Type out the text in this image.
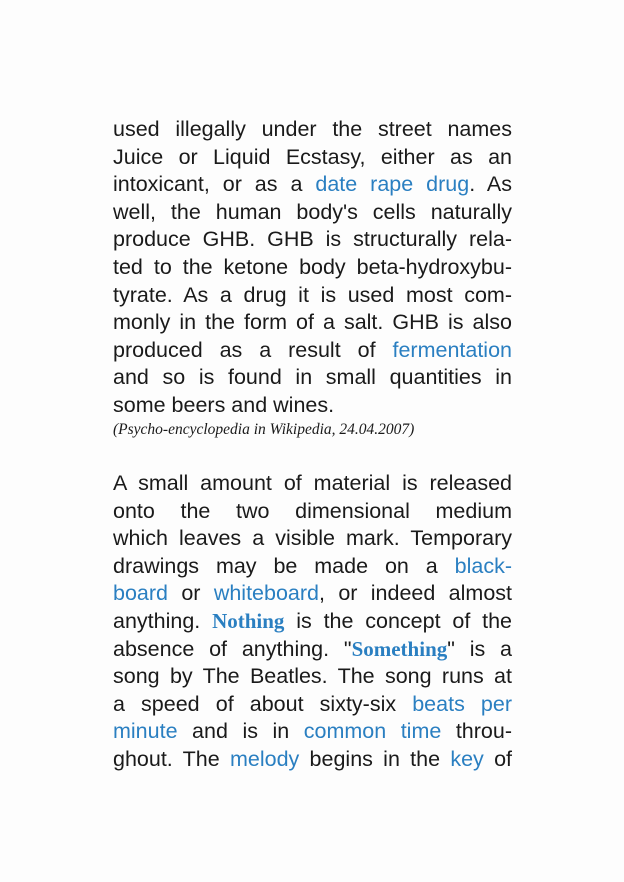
used illegally under the street names
Juice or Liquid Ecstasy, either as an
intoxicant, or as a date rape drug. As
well, the human body's cells naturally
produce GHB. GHB is structurally rela-
ted to the ketone body beta-hydroxybu-
tyrate. As a drug it is used most com-
monly in the form of a salt. GHB is also
produced as a result of fermentation
and so is found in small quantities in
some beers and wines.
(Psycho-encyclopedia in Wikipedia, 24.04.2007)
A small amount of material is released
onto the two dimensional medium
which leaves a visible mark. Temporary
drawings may be made on a black-
board or whiteboard, or indeed almost
anything. Nothing is the concept of the
absence of anything. "Something" is a
song by The Beatles. The song runs at
a speed of about sixty-six beats per
minute and is in common time throu-
ghout. The melody begins in the key of
